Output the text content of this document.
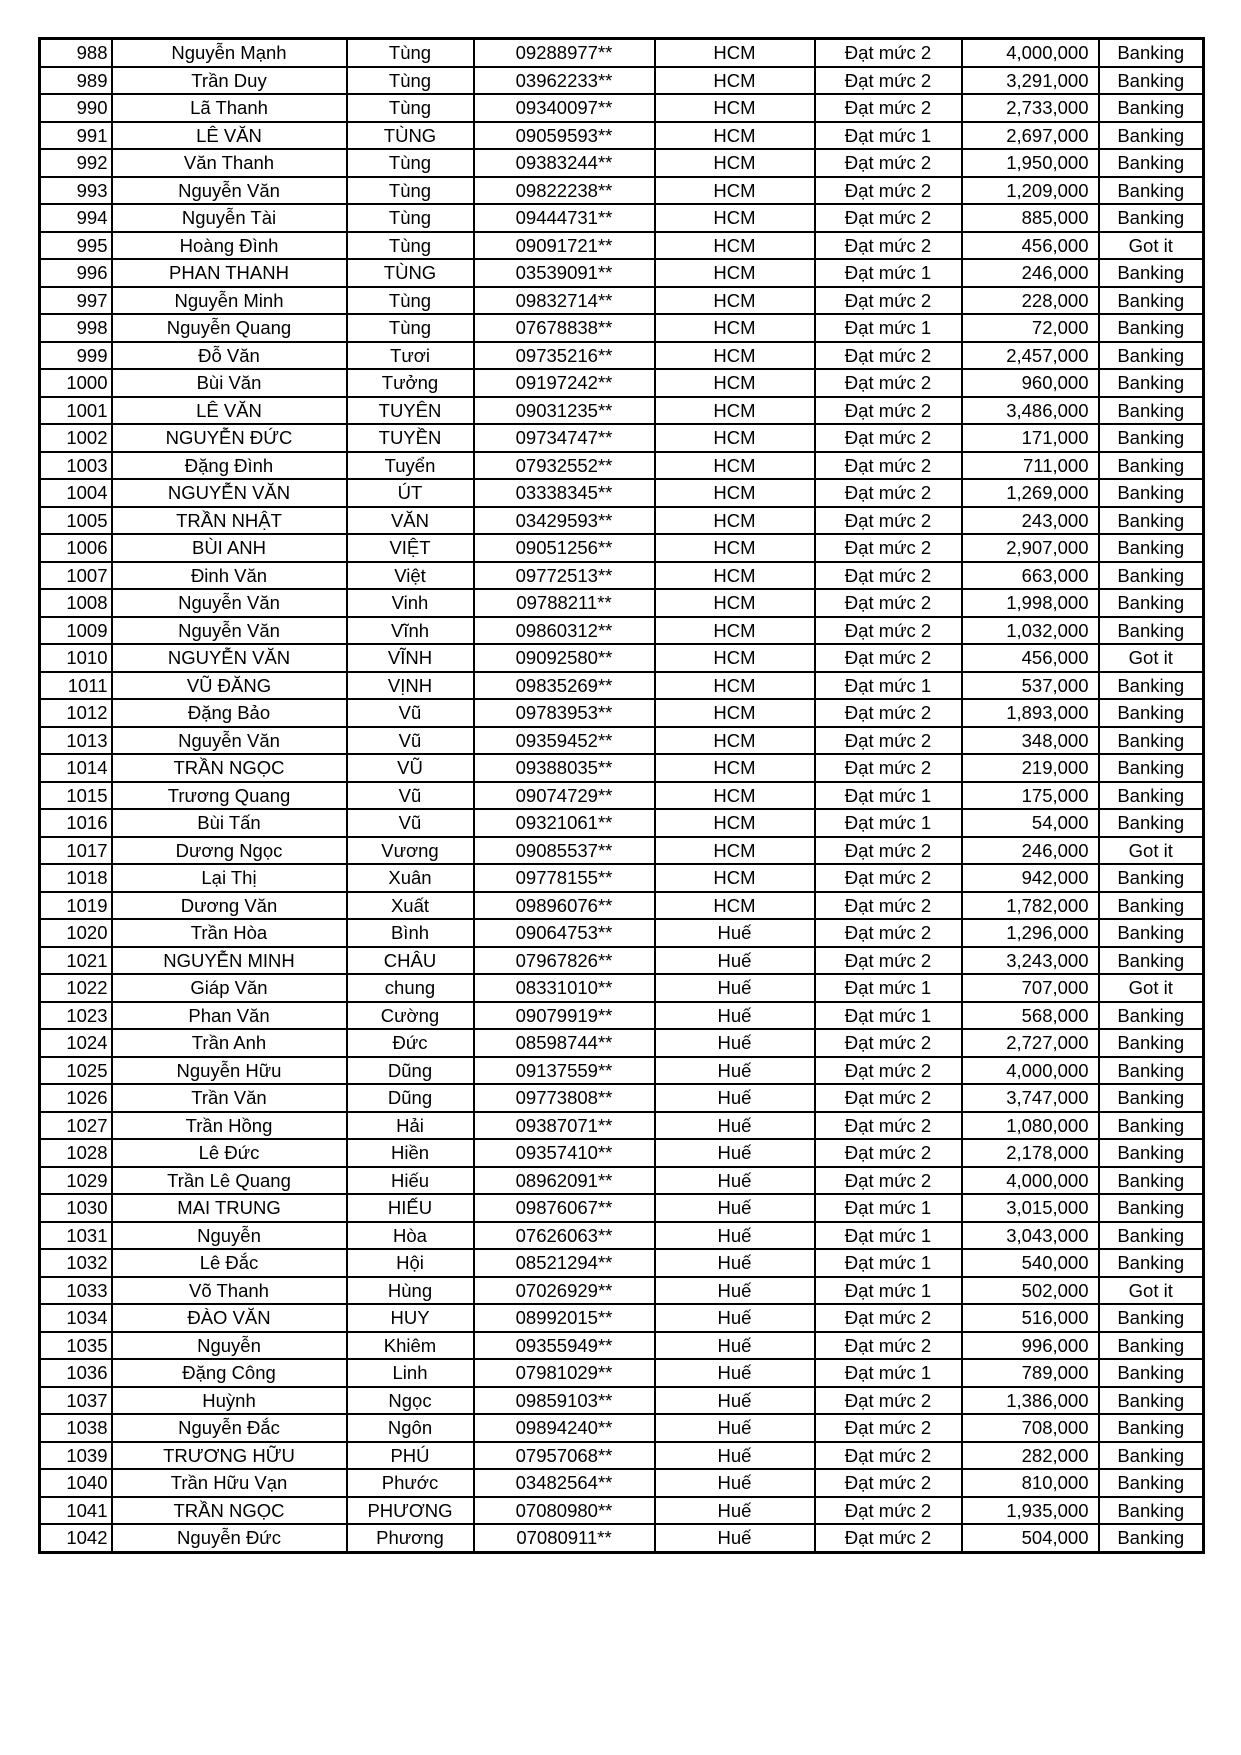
988	Nguyễn Mạnh	Tùng	09288977**	HCM	Đạt mức 2	4,000,000	Banking
989	Trần Duy	Tùng	03962233**	HCM	Đạt mức 2	3,291,000	Banking
990	Lã Thanh	Tùng	09340097**	HCM	Đạt mức 2	2,733,000	Banking
991	LÊ VĂN	TÙNG	09059593**	HCM	Đạt mức 1	2,697,000	Banking
992	Văn Thanh	Tùng	09383244**	HCM	Đạt mức 2	1,950,000	Banking
993	Nguyễn Văn	Tùng	09822238**	HCM	Đạt mức 2	1,209,000	Banking
994	Nguyễn Tài	Tùng	09444731**	HCM	Đạt mức 2	885,000	Banking
995	Hoàng Đình	Tùng	09091721**	HCM	Đạt mức 2	456,000	Got it
996	PHAN THANH	TÙNG	03539091**	HCM	Đạt mức 1	246,000	Banking
997	Nguyễn Minh	Tùng	09832714**	HCM	Đạt mức 2	228,000	Banking
998	Nguyễn Quang	Tùng	07678838**	HCM	Đạt mức 1	72,000	Banking
999	Đỗ Văn	Tươi	09735216**	HCM	Đạt mức 2	2,457,000	Banking
1000	Bùi Văn	Tưởng	09197242**	HCM	Đạt mức 2	960,000	Banking
1001	LÊ VĂN	TUYÊN	09031235**	HCM	Đạt mức 2	3,486,000	Banking
1002	NGUYỄN ĐỨC	TUYỀN	09734747**	HCM	Đạt mức 2	171,000	Banking
1003	Đặng Đình	Tuyển	07932552**	HCM	Đạt mức 2	711,000	Banking
1004	NGUYỄN VĂN	ÚT	03338345**	HCM	Đạt mức 2	1,269,000	Banking
1005	TRẦN NHẬT	VĂN	03429593**	HCM	Đạt mức 2	243,000	Banking
1006	BÙI ANH	VIỆT	09051256**	HCM	Đạt mức 2	2,907,000	Banking
1007	Đinh Văn	Việt	09772513**	HCM	Đạt mức 2	663,000	Banking
1008	Nguyễn Văn	Vinh	09788211**	HCM	Đạt mức 2	1,998,000	Banking
1009	Nguyễn Văn	Vĩnh	09860312**	HCM	Đạt mức 2	1,032,000	Banking
1010	NGUYỄN VĂN	VĨNH	09092580**	HCM	Đạt mức 2	456,000	Got it
1011	VŨ ĐĂNG	VỊNH	09835269**	HCM	Đạt mức 1	537,000	Banking
1012	Đặng Bảo	Vũ	09783953**	HCM	Đạt mức 2	1,893,000	Banking
1013	Nguyễn Văn	Vũ	09359452**	HCM	Đạt mức 2	348,000	Banking
1014	TRẦN NGỌC	VŨ	09388035**	HCM	Đạt mức 2	219,000	Banking
1015	Trương Quang	Vũ	09074729**	HCM	Đạt mức 1	175,000	Banking
1016	Bùi Tấn	Vũ	09321061**	HCM	Đạt mức 1	54,000	Banking
1017	Dương Ngọc	Vương	09085537**	HCM	Đạt mức 2	246,000	Got it
1018	Lại Thị	Xuân	09778155**	HCM	Đạt mức 2	942,000	Banking
1019	Dương Văn	Xuất	09896076**	HCM	Đạt mức 2	1,782,000	Banking
1020	Trần Hòa	Bình	09064753**	Huế	Đạt mức 2	1,296,000	Banking
1021	NGUYỄN MINH	CHÂU	07967826**	Huế	Đạt mức 2	3,243,000	Banking
1022	Giáp Văn	chung	08331010**	Huế	Đạt mức 1	707,000	Got it
1023	Phan Văn	Cường	09079919**	Huế	Đạt mức 1	568,000	Banking
1024	Trần Anh	Đức	08598744**	Huế	Đạt mức 2	2,727,000	Banking
1025	Nguyễn Hữu	Dũng	09137559**	Huế	Đạt mức 2	4,000,000	Banking
1026	Trần Văn	Dũng	09773808**	Huế	Đạt mức 2	3,747,000	Banking
1027	Trần Hồng	Hải	09387071**	Huế	Đạt mức 2	1,080,000	Banking
1028	Lê Đức	Hiền	09357410**	Huế	Đạt mức 2	2,178,000	Banking
1029	Trần Lê Quang	Hiếu	08962091**	Huế	Đạt mức 2	4,000,000	Banking
1030	MAI TRUNG	HIẾU	09876067**	Huế	Đạt mức 1	3,015,000	Banking
1031	Nguyễn	Hòa	07626063**	Huế	Đạt mức 1	3,043,000	Banking
1032	Lê Đắc	Hội	08521294**	Huế	Đạt mức 1	540,000	Banking
1033	Võ Thanh	Hùng	07026929**	Huế	Đạt mức 1	502,000	Got it
1034	ĐÀO VĂN	HUY	08992015**	Huế	Đạt mức 2	516,000	Banking
1035	Nguyễn	Khiêm	09355949**	Huế	Đạt mức 2	996,000	Banking
1036	Đặng Công	Linh	07981029**	Huế	Đạt mức 1	789,000	Banking
1037	Huỳnh	Ngọc	09859103**	Huế	Đạt mức 2	1,386,000	Banking
1038	Nguyễn Đắc	Ngôn	09894240**	Huế	Đạt mức 2	708,000	Banking
1039	TRƯƠNG HỮU	PHÚ	07957068**	Huế	Đạt mức 2	282,000	Banking
1040	Trần Hữu Vạn	Phước	03482564**	Huế	Đạt mức 2	810,000	Banking
1041	TRẦN NGỌC	PHƯƠNG	07080980**	Huế	Đạt mức 2	1,935,000	Banking
1042	Nguyễn Đức	Phương	07080911**	Huế	Đạt mức 2	504,000	Banking
